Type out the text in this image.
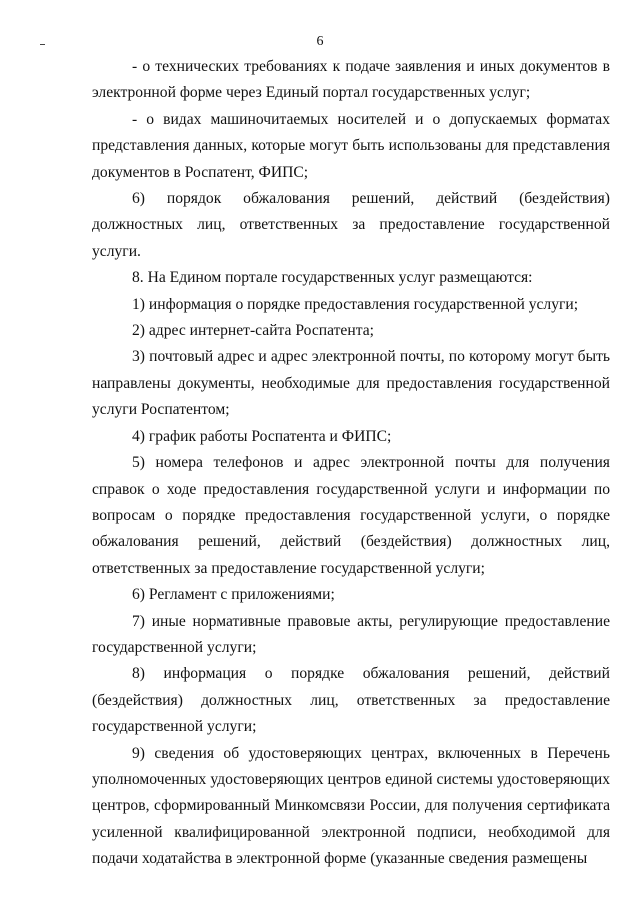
6

- о технических требованиях к подаче заявления и иных документов в электронной форме через Единый портал государственных услуг;

- о видах машиночитаемых носителей и о допускаемых форматах представления данных, которые могут быть использованы для представления документов в Роспатент, ФИПС;

6) порядок обжалования решений, действий (бездействия) должностных лиц, ответственных за предоставление государственной услуги.

8. На Едином портале государственных услуг размещаются:

1) информация о порядке предоставления государственной услуги;

2) адрес интернет-сайта Роспатента;

3) почтовый адрес и адрес электронной почты, по которому могут быть направлены документы, необходимые для предоставления государственной услуги Роспатентом;

4) график работы Роспатента и ФИПС;

5) номера телефонов и адрес электронной почты для получения справок о ходе предоставления государственной услуги и информации по вопросам о порядке предоставления государственной услуги, о порядке обжалования решений, действий (бездействия) должностных лиц, ответственных за предоставление государственной услуги;

6) Регламент с приложениями;

7) иные нормативные правовые акты, регулирующие предоставление государственной услуги;

8) информация о порядке обжалования решений, действий (бездействия) должностных лиц, ответственных за предоставление государственной услуги;

9) сведения об удостоверяющих центрах, включенных в Перечень уполномоченных удостоверяющих центров единой системы удостоверяющих центров, сформированный Минкомсвязи России, для получения сертификата усиленной квалифицированной электронной подписи, необходимой для подачи ходатайства в электронной форме (указанные сведения размещены
